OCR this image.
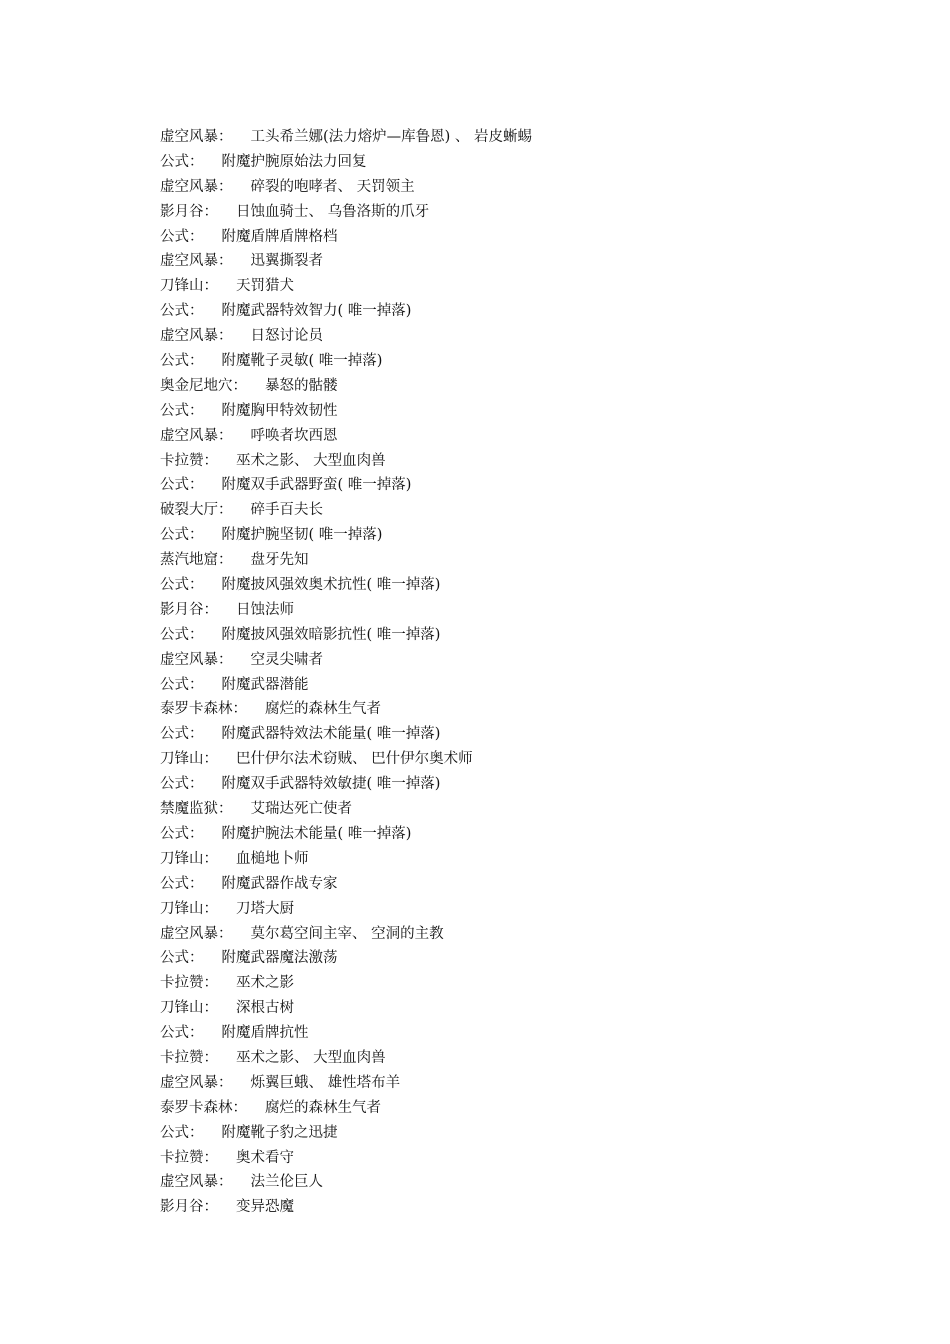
虚空风暴： 工头希兰娜(法力熔炉—库鲁恩) 、 岩皮蜥蜴
公式： 附魔护腕原始法力回复
虚空风暴： 碎裂的咆哮者、 天罚领主
影月谷： 日蚀血骑士、 乌鲁洛斯的爪牙
公式： 附魔盾牌盾牌格档
虚空风暴： 迅翼撕裂者
刀锋山： 天罚猎犬
公式： 附魔武器特效智力( 唯一掉落)
虚空风暴： 日怒讨论员
公式： 附魔靴子灵敏( 唯一掉落)
奥金尼地穴： 暴怒的骷髅
公式： 附魔胸甲特效韧性
虚空风暴： 呼唤者坎西恩
卡拉赞： 巫术之影、 大型血肉兽
公式： 附魔双手武器野蛮( 唯一掉落)
破裂大厅： 碎手百夫长
公式： 附魔护腕坚韧( 唯一掉落)
蒸汽地窟： 盘牙先知
公式： 附魔披风强效奥术抗性( 唯一掉落)
影月谷： 日蚀法师
公式： 附魔披风强效暗影抗性( 唯一掉落)
虚空风暴： 空灵尖啸者
公式： 附魔武器潜能
泰罗卡森林： 腐烂的森林生气者
公式： 附魔武器特效法术能量( 唯一掉落)
刀锋山： 巴什伊尔法术窃贼、 巴什伊尔奥术师
公式： 附魔双手武器特效敏捷( 唯一掉落)
禁魔监狱： 艾瑞达死亡使者
公式： 附魔护腕法术能量( 唯一掉落)
刀锋山： 血槌地卜师
公式： 附魔武器作战专家
刀锋山： 刀塔大厨
虚空风暴： 莫尔葛空间主宰、 空洞的主教
公式： 附魔武器魔法激荡
卡拉赞： 巫术之影
刀锋山： 深根古树
公式： 附魔盾牌抗性
卡拉赞： 巫术之影、 大型血肉兽
虚空风暴： 烁翼巨蛾、 雄性塔布羊
泰罗卡森林： 腐烂的森林生气者
公式： 附魔靴子豹之迅捷
卡拉赞： 奥术看守
虚空风暴： 法兰伦巨人
影月谷： 变异恐魔
